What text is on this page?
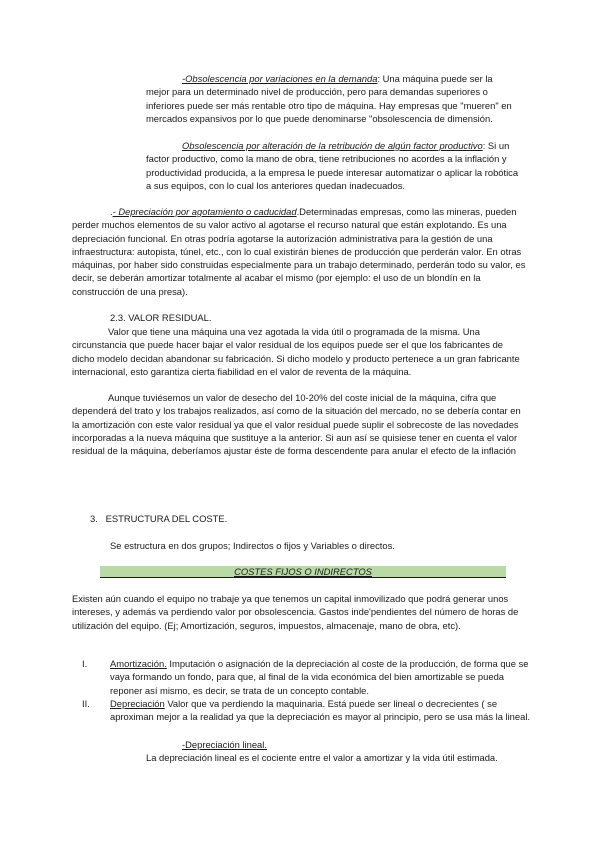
-Obsolescencia por variaciones en la demanda: Una máquina puede ser la mejor para un determinado nivel de producción, pero para demandas superiores o inferiores puede ser más rentable otro tipo de máquina. Hay empresas que "mueren" en mercados expansivos por lo que puede denominarse "obsolescencia de dimensión.

Obsolescencia por alteración de la retribución de algún factor productivo: Si un factor productivo, como la mano de obra, tiene retribuciones no acordes a la inflación y productividad producida, a la empresa le puede interesar automatizar o aplicar la robótica a sus equipos, con lo cual los anteriores quedan inadecuados.

.- Depreciación por agotamiento o caducidad.Determinadas empresas, como las mineras, pueden perder muchos elementos de su valor activo al agotarse el recurso natural que están explotando. Es una depreciación funcional. En otras podría agotarse la autorización administrativa para la gestión de una infraestructura: autopista, túnel, etc., con lo cual existirán bienes de producción que perderán valor. En otras máquinas, por haber sido construidas especialmente para un trabajo determinado, perderán todo su valor, es decir, se deberán amortizar totalmente al acabar el mismo (por ejemplo: el uso de un blondín en la construcción de una presa).

2.3. VALOR RESIDUAL.

Valor que tiene una máquina una vez agotada la vida útil o programada de la misma. Una circunstancia que puede hacer bajar el valor residual de los equipos puede ser el que los fabricantes de dicho modelo decidan abandonar su fabricación. Si dicho modelo y producto pertenece a un gran fabricante internacional, esto garantiza cierta fiabilidad en el valor de reventa de la máquina.

Aunque tuviésemos un valor de desecho del 10-20% del coste inicial de la máquina, cifra que dependerá del trato y los trabajos realizados, así como de la situación del mercado, no se debería contar en la amortización con este valor residual ya que el valor residual puede suplir el sobrecoste de las novedades incorporadas a la nueva máquina que sustituye a la anterior. Si aun así se quisiese tener en cuenta el valor residual de la máquina, deberíamos ajustar éste de forma descendente para anular el efecto de la inflación

3. ESTRUCTURA DEL COSTE.

Se estructura en dos grupos; Indirectos o fijos y Variables o directos.

COSTES FIJOS O INDIRECTOS

Existen aún cuando el equipo no trabaje ya que tenemos un capital inmovilizado que podrá generar unos intereses, y además va perdiendo valor por obsolescencia. Gastos inde'pendientes del número de horas de utilización del equipo. (Ej; Amortización, seguros, impuestos, almacenaje, mano de obra, etc).

I. Amortización. Imputación o asignación de la depreciación al coste de la producción, de forma que se vaya formando un fondo, para que, al final de la vida económica del bien amortizable se pueda reponer así mismo, es decir, se trata de un concepto contable.
II. Depreciación Valor que va perdiendo la maquinaria. Está puede ser lineal o decrecientes ( se aproximan mejor a la realidad ya que la depreciación es mayor al principio, pero se usa más la lineal.

-Depreciación lineal.

La depreciación lineal es el cociente entre el valor a amortizar y la vida útil estimada.
